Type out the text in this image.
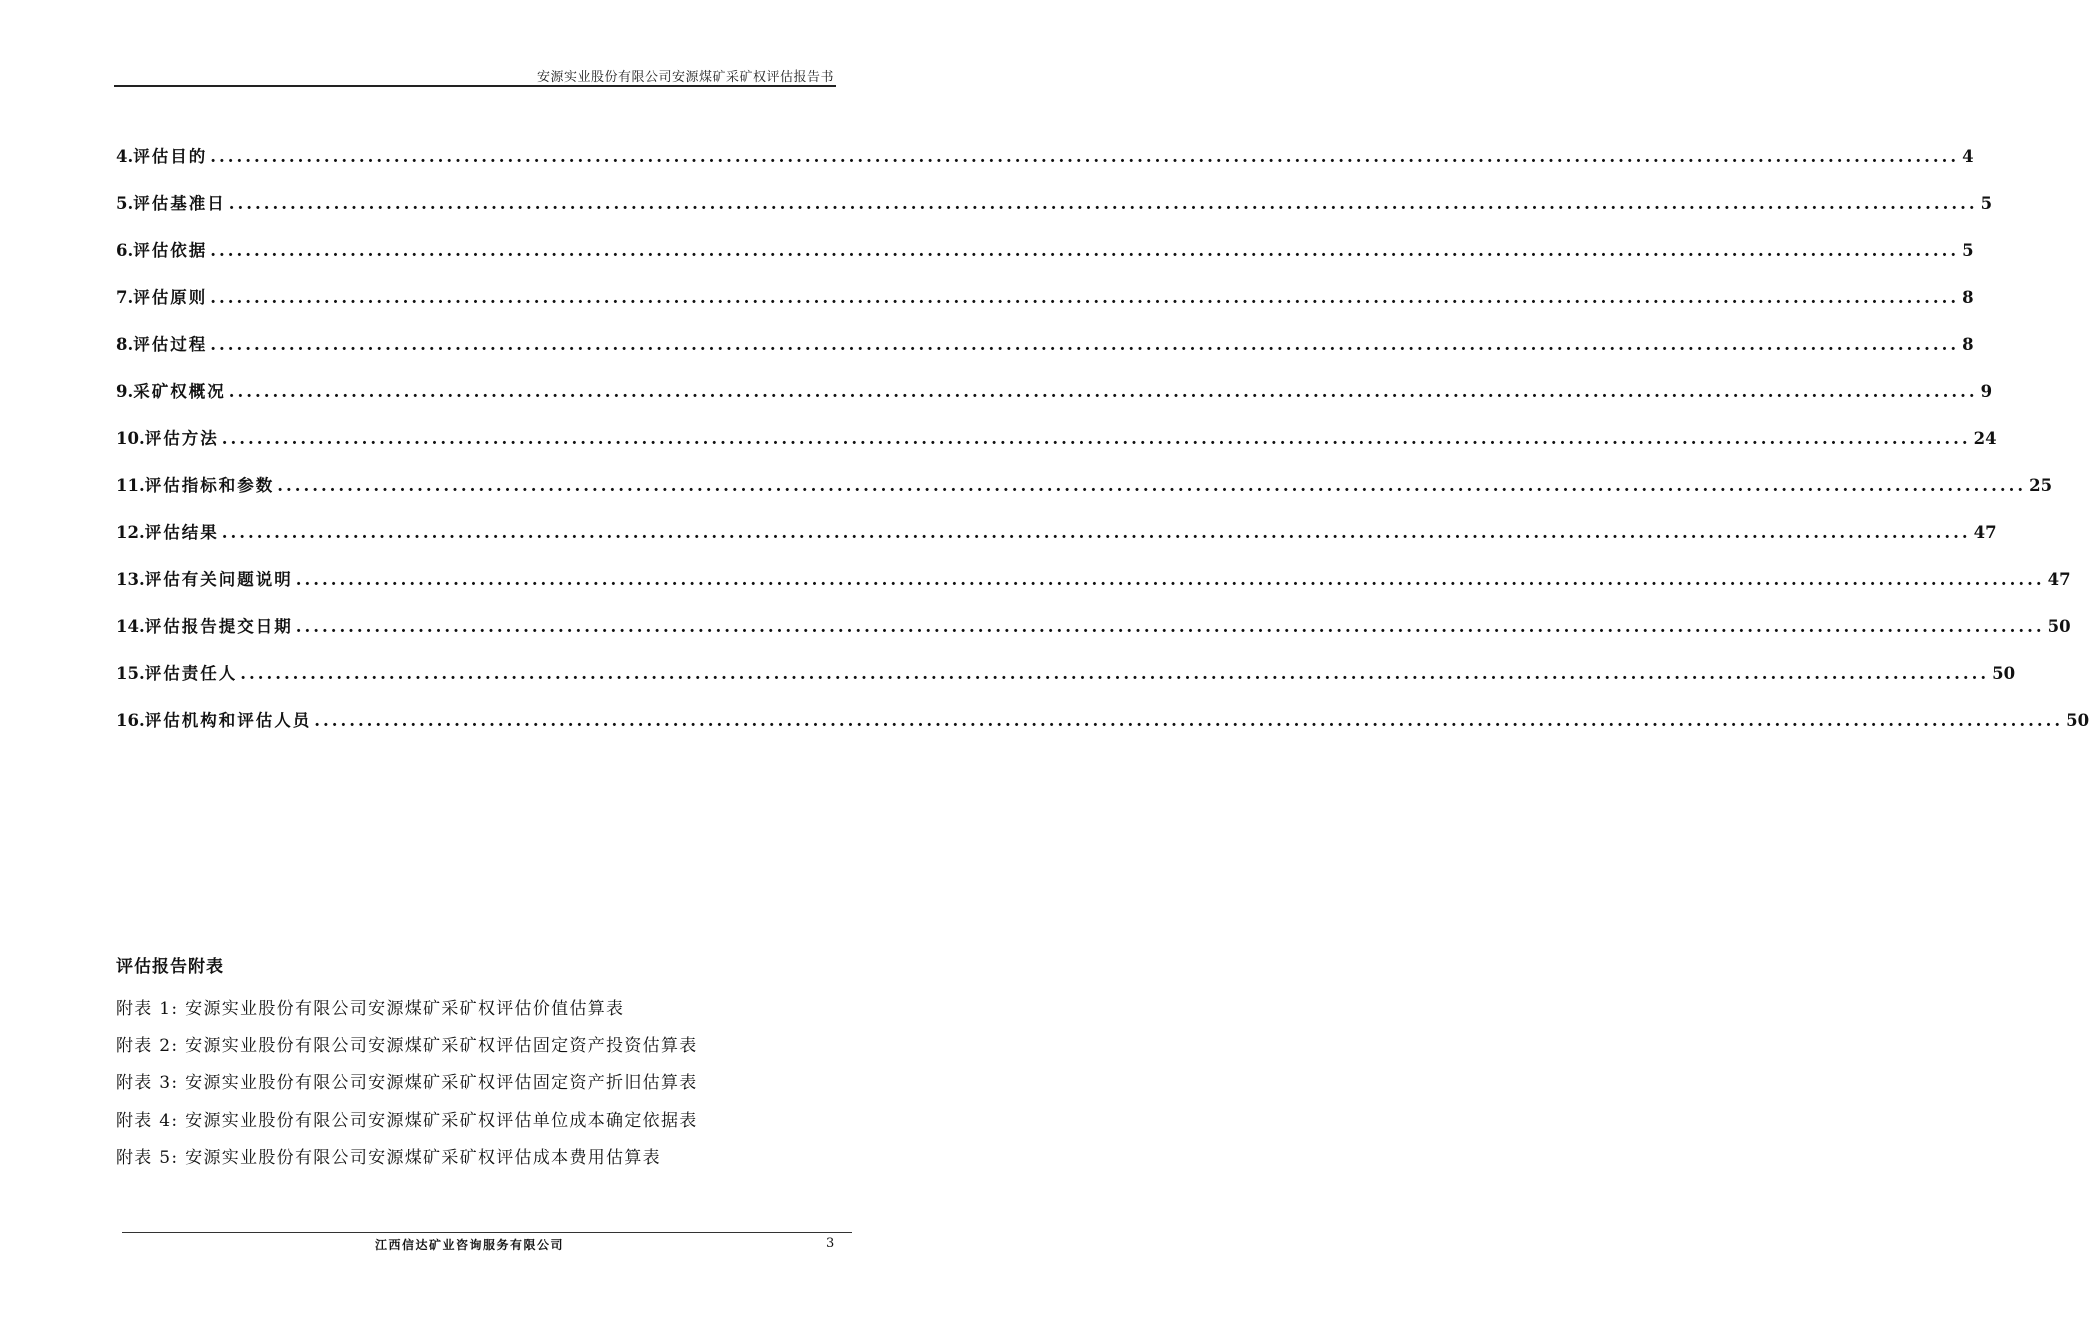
安源实业股份有限公司安源煤矿采矿权评估报告书
4. 评估目的 ........................................................................................................................................................................................................ 4
5. 评估基准日 ........................................................................................................................................................................................................ 5
6. 评估依据 ........................................................................................................................................................................................................ 5
7. 评估原则 ........................................................................................................................................................................................................ 8
8. 评估过程 ........................................................................................................................................................................................................ 8
9. 采矿权概况 ........................................................................................................................................................................................................ 9
10. 评估方法 ........................................................................................................................................................................................................ 24
11. 评估指标和参数 ........................................................................................................................................................................................................ 25
12. 评估结果 ........................................................................................................................................................................................................ 47
13. 评估有关问题说明 ........................................................................................................................................................................................................ 47
14. 评估报告提交日期 ........................................................................................................................................................................................................ 50
15. 评估责任人 ........................................................................................................................................................................................................ 50
16. 评估机构和评估人员 ........................................................................................................................................................................................................ 50
评估报告附表
附表 1: 安源实业股份有限公司安源煤矿采矿权评估价值估算表
附表 2: 安源实业股份有限公司安源煤矿采矿权评估固定资产投资估算表
附表 3: 安源实业股份有限公司安源煤矿采矿权评估固定资产折旧估算表
附表 4: 安源实业股份有限公司安源煤矿采矿权评估单位成本确定依据表
附表 5: 安源实业股份有限公司安源煤矿采矿权评估成本费用估算表
江西信达矿业咨询服务有限公司	3
